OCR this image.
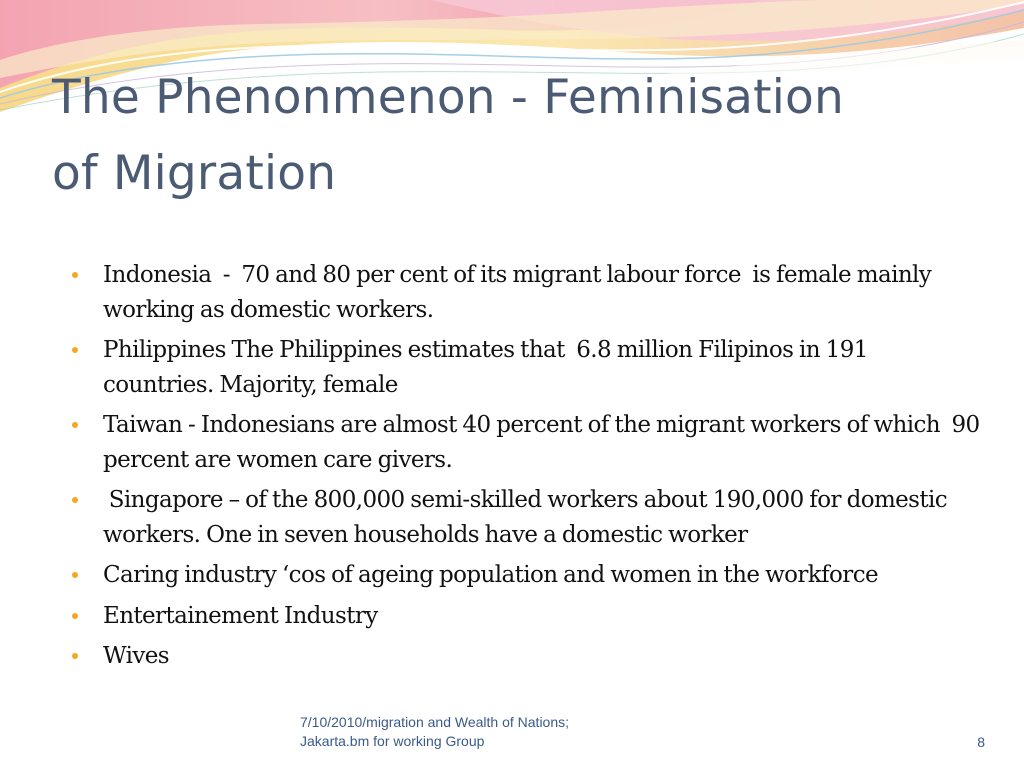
The Phenonmenon - Feminisation
of Migration
Indonesia  -  70 and 80 per cent of its migrant labour force  is female mainly working as domestic workers.
Philippines The Philippines estimates that  6.8 million Filipinos in 191 countries. Majority, female
Taiwan - Indonesians are almost 40 percent of the migrant workers of which  90 percent are women care givers.
Singapore – of the 800,000 semi-skilled workers about 190,000 for domestic workers. One in seven households have a domestic worker
Caring industry ‘cos of ageing population and women in the workforce
Entertainement Industry
Wives
7/10/2010/migration and Wealth of Nations;
Jakarta.bm for working Group	8
